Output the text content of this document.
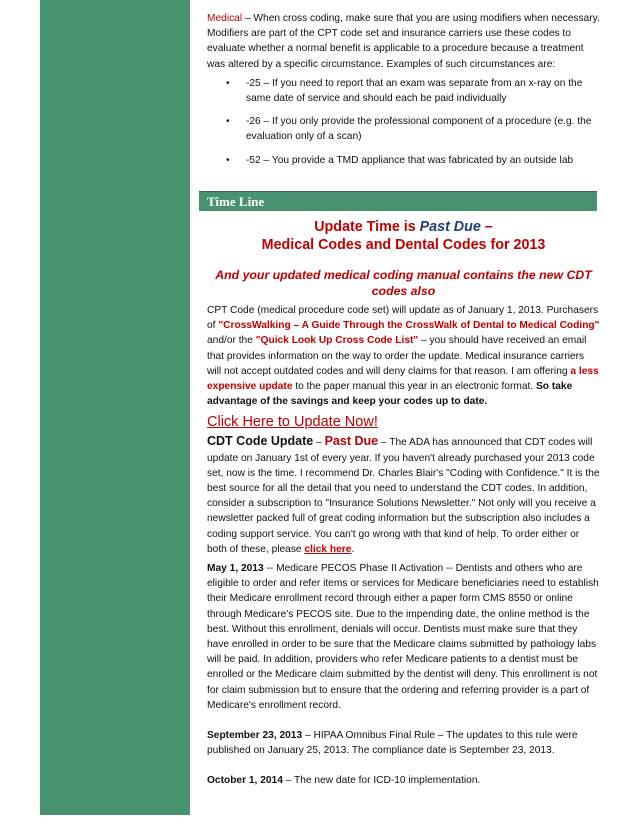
Medical – When cross coding, make sure that you are using modifiers when necessary. Modifiers are part of the CPT code set and insurance carriers use these codes to evaluate whether a normal benefit is applicable to a procedure because a treatment was altered by a specific circumstance. Examples of such circumstances are:

• -25 – If you need to report that an exam was separate from an x-ray on the same date of service and should each be paid individually
• -26 – If you only provide the professional component of a procedure (e.g. the evaluation only of a scan)
• -52 – You provide a TMD appliance that was fabricated by an outside lab
Time Line
Update Time is Past Due –
Medical Codes and Dental Codes for 2013
And your updated medical coding manual contains the new CDT codes also

CPT Code (medical procedure code set) will update as of January 1, 2013. Purchasers of "CrossWalking – A Guide Through the CrossWalk of Dental to Medical Coding" and/or the "Quick Look Up Cross Code List" – you should have received an email that provides information on the way to order the update. Medical insurance carriers will not accept outdated codes and will deny claims for that reason. I am offering a less expensive update to the paper manual this year in an electronic format. So take advantage of the savings and keep your codes up to date.

Click Here to Update Now!

CDT Code Update – Past Due – The ADA has announced that CDT codes will update on January 1st of every year. If you haven't already purchased your 2013 code set, now is the time. I recommend Dr. Charles Blair's "Coding with Confidence." It is the best source for all the detail that you need to understand the CDT codes. In addition, consider a subscription to "Insurance Solutions Newsletter." Not only will you receive a newsletter packed full of great coding information but the subscription also includes a coding support service. You can't go wrong with that kind of help. To order either or both of these, please click here.

May 1, 2013 -- Medicare PECOS Phase II Activation -- Dentists and others who are eligible to order and refer items or services for Medicare beneficiaries need to establish their Medicare enrollment record through either a paper form CMS 8550 or online through Medicare's PECOS site. Due to the impending date, the online method is the best. Without this enrollment, denials will occur. Dentists must make sure that they have enrolled in order to be sure that the Medicare claims submitted by pathology labs will be paid. In addition, providers who refer Medicare patients to a dentist must be enrolled or the Medicare claim submitted by the dentist will deny. This enrollment is not for claim submission but to ensure that the ordering and referring provider is a part of Medicare's enrollment record.

September 23, 2013 – HIPAA Omnibus Final Rule – The updates to this rule were published on January 25, 2013. The compliance date is September 23, 2013.

October 1, 2014 – The new date for ICD-10 implementation.
